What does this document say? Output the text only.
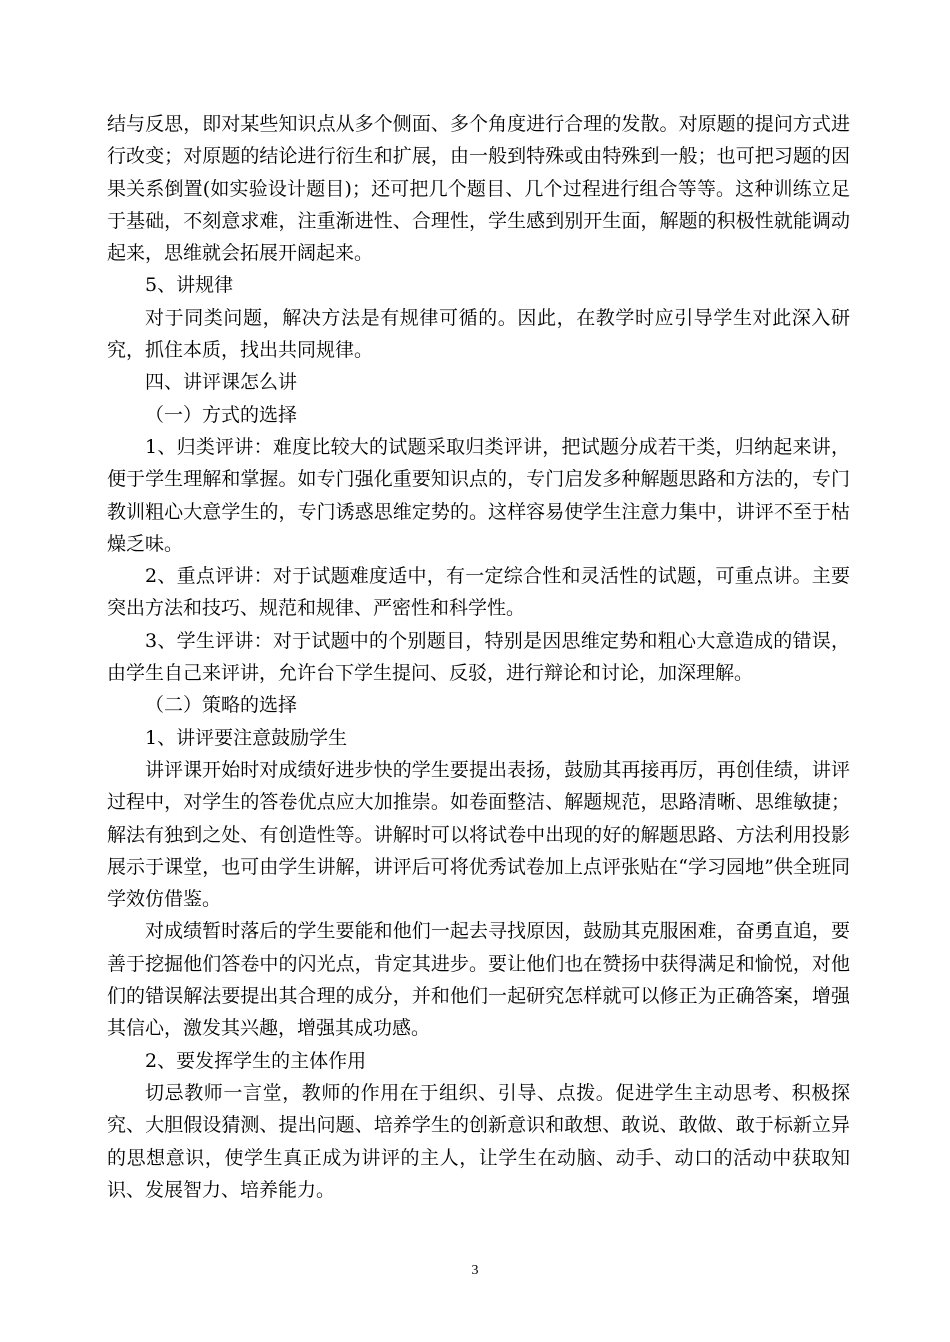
结与反思，即对某些知识点从多个侧面、多个角度进行合理的发散。对原题的提问方式进行改变；对原题的结论进行衍生和扩展，由一般到特殊或由特殊到一般；也可把习题的因果关系倒置(如实验设计题目)；还可把几个题目、几个过程进行组合等等。这种训练立足于基础，不刻意求难，注重渐进性、合理性，学生感到别开生面，解题的积极性就能调动起来，思维就会拓展开阔起来。

5、讲规律

对于同类问题，解决方法是有规律可循的。因此，在教学时应引导学生对此深入研究，抓住本质，找出共同规律。

四、讲评课怎么讲

（一）方式的选择

1、归类评讲：难度比较大的试题采取归类评讲，把试题分成若干类，归纳起来讲，便于学生理解和掌握。如专门强化重要知识点的，专门启发多种解题思路和方法的，专门教训粗心大意学生的，专门诱惑思维定势的。这样容易使学生注意力集中，讲评不至于枯燥乏味。

2、重点评讲：对于试题难度适中，有一定综合性和灵活性的试题，可重点讲。主要突出方法和技巧、规范和规律、严密性和科学性。

3、学生评讲：对于试题中的个别题目，特别是因思维定势和粗心大意造成的错误，由学生自己来评讲，允许台下学生提问、反驳，进行辩论和讨论，加深理解。

（二）策略的选择

1、讲评要注意鼓励学生

讲评课开始时对成绩好进步快的学生要提出表扬，鼓励其再接再厉，再创佳绩，讲评过程中，对学生的答卷优点应大加推崇。如卷面整洁、解题规范，思路清晰、思维敏捷；解法有独到之处、有创造性等。讲解时可以将试卷中出现的好的解题思路、方法利用投影展示于课堂，也可由学生讲解，讲评后可将优秀试卷加上点评张贴在“学习园地”供全班同学效仿借鉴。

对成绩暂时落后的学生要能和他们一起去寻找原因，鼓励其克服困难，奋勇直追，要善于挖掘他们答卷中的闪光点，肯定其进步。要让他们也在赞扬中获得满足和愉悦，对他们的错误解法要提出其合理的成分，并和他们一起研究怎样就可以修正为正确答案，增强其信心，激发其兴趣，增强其成功感。

2、要发挥学生的主体作用

切忌教师一言堂，教师的作用在于组织、引导、点拨。促进学生主动思考、积极探究、大胆假设猜测、提出问题、培养学生的创新意识和敢想、敢说、敢做、敢于标新立异的思想意识，使学生真正成为讲评的主人，让学生在动脑、动手、动口的活动中获取知识、发展智力、培养能力。

3
